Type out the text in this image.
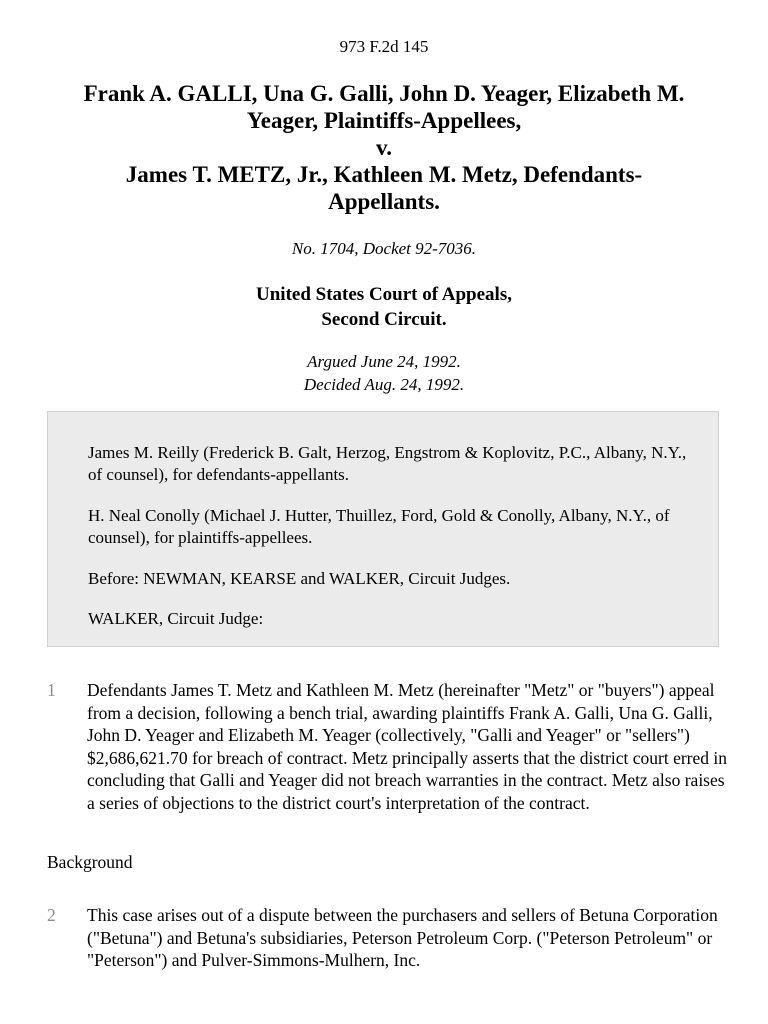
973 F.2d 145
Frank A. GALLI, Una G. Galli, John D. Yeager, Elizabeth M.
Yeager, Plaintiffs-Appellees,
v.
James T. METZ, Jr., Kathleen M. Metz, Defendants-
Appellants.
No. 1704, Docket 92-7036.
United States Court of Appeals,
Second Circuit.
Argued June 24, 1992.
Decided Aug. 24, 1992.

James M. Reilly (Frederick B. Galt, Herzog, Engstrom & Koplovitz, P.C., Albany, N.Y., of counsel), for defendants-appellants.

H. Neal Conolly (Michael J. Hutter, Thuillez, Ford, Gold & Conolly, Albany, N.Y., of counsel), for plaintiffs-appellees.

Before: NEWMAN, KEARSE and WALKER, Circuit Judges.

WALKER, Circuit Judge:

1	Defendants James T. Metz and Kathleen M. Metz (hereinafter "Metz" or "buyers") appeal from a decision, following a bench trial, awarding plaintiffs Frank A. Galli, Una G. Galli, John D. Yeager and Elizabeth M. Yeager (collectively, "Galli and Yeager" or "sellers") $2,686,621.70 for breach of contract. Metz principally asserts that the district court erred in concluding that Galli and Yeager did not breach warranties in the contract. Metz also raises a series of objections to the district court's interpretation of the contract.
Background
2	This case arises out of a dispute between the purchasers and sellers of Betuna Corporation ("Betuna") and Betuna's subsidiaries, Peterson Petroleum Corp. ("Peterson Petroleum" or "Peterson") and Pulver-Simmons-Mulhern, Inc.
